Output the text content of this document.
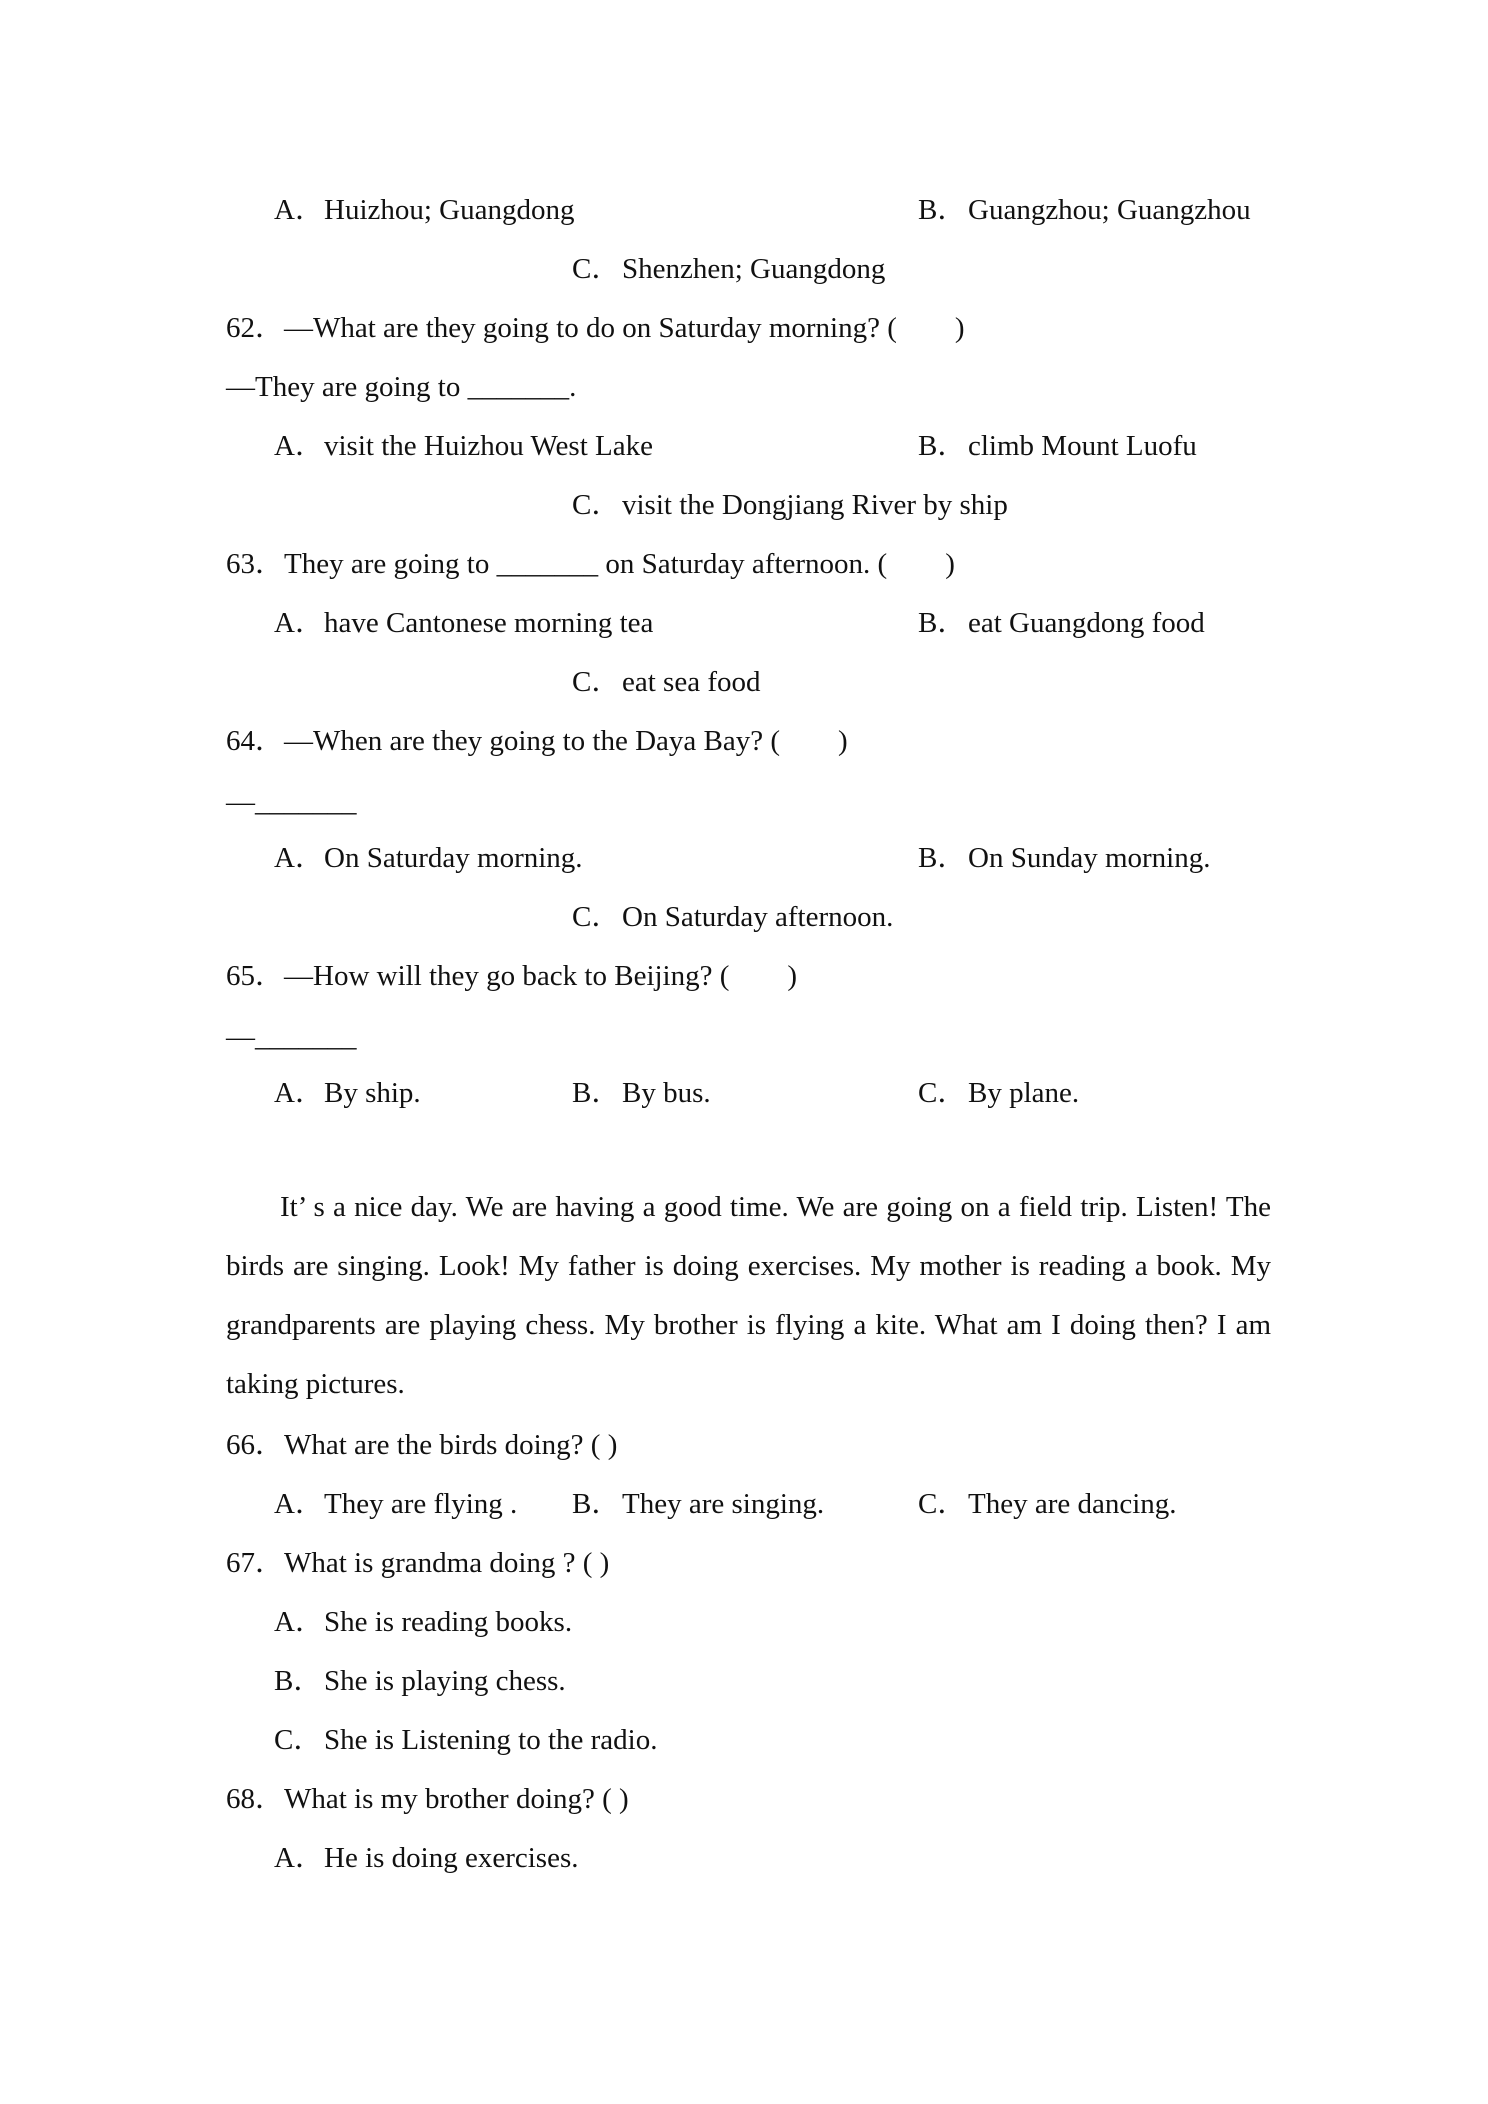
A．Huizhou; Guangdong	B．Guangzhou; Guangzhou
C．Shenzhen; Guangdong
62．—What are they going to do on Saturday morning? (　　)
—They are going to _______.
A．visit the Huizhou West Lake	B．climb Mount Luofu
C．visit the Dongjiang River by ship
63．They are going to _______ on Saturday afternoon. (　　)
A．have Cantonese morning tea	B．eat Guangdong food
C．eat sea food
64．—When are they going to the Daya Bay? (　　)
—_______
A．On Saturday morning.	B．On Sunday morning.
C．On Saturday afternoon.
65．—How will they go back to Beijing? (　　)
—_______
A．By ship.	B．By bus.	C．By plane.
It’ s a nice day. We are having a good time. We are going on a field trip. Listen! The birds are singing. Look! My father is doing exercises. My mother is reading a book. My grandparents are playing chess. My brother is flying a kite. What am I doing then? I am taking pictures.
66．What are the birds doing? ( )
A．They are flying . B．They are singing.	C．They are dancing.
67．What is grandma doing ? ( )
A．She is reading books.
B．She is playing chess.
C．She is Listening to the radio.
68．What is my brother doing? ( )
A．He is doing exercises.
